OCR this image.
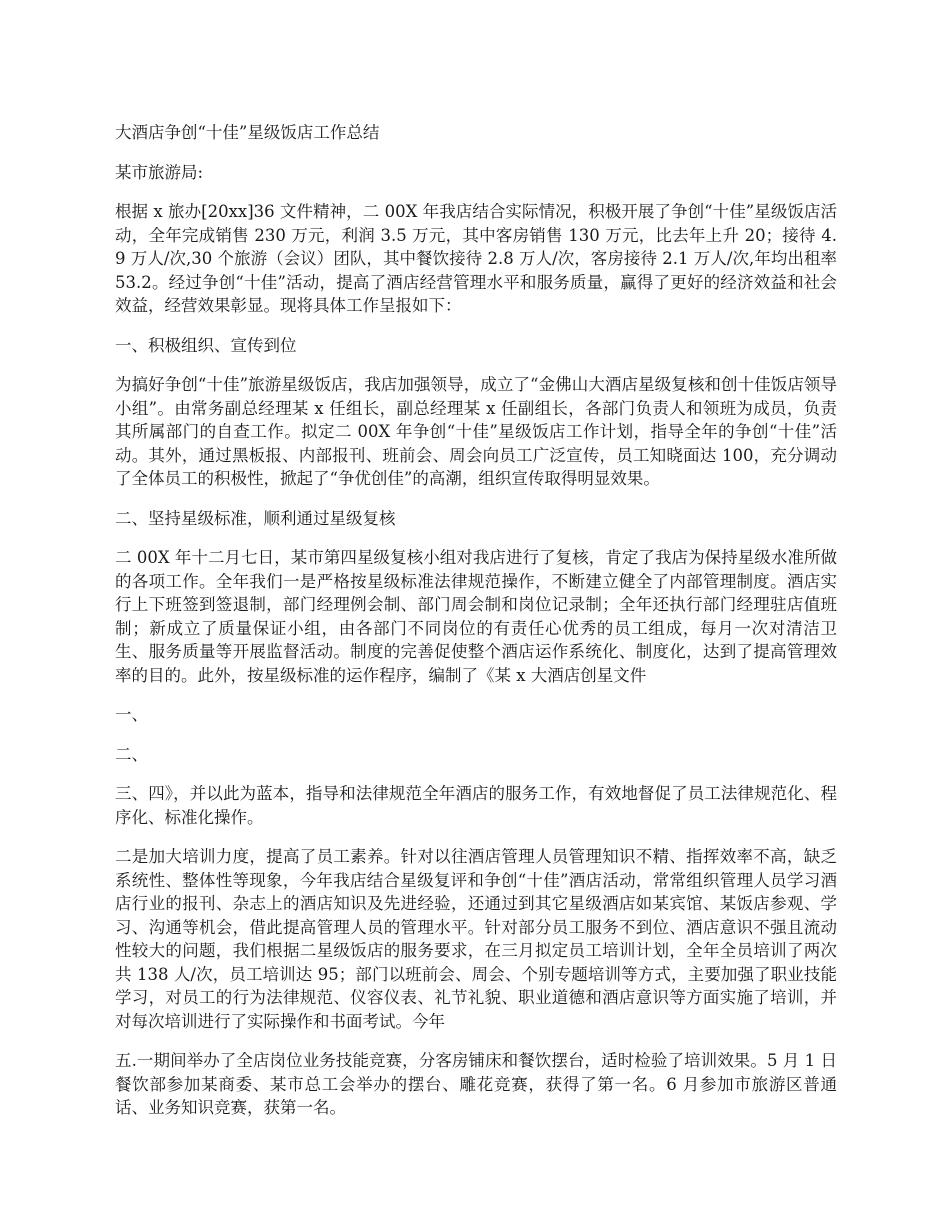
大酒店争创“十佳”星级饭店工作总结

某市旅游局:

根据 x 旅办[20xx]36 文件精神，二 00X 年我店结合实际情况，积极开展了争创“十佳”星级饭店活动，全年完成销售 230 万元，利润 3.5 万元，其中客房销售 130 万元，比去年上升 20；接待 4.9 万人/次,30 个旅游（会议）团队，其中餐饮接待 2.8 万人/次，客房接待 2.1 万人/次,年均出租率 53.2。经过争创“十佳”活动，提高了酒店经营管理水平和服务质量，赢得了更好的经济效益和社会效益，经营效果彰显。现将具体工作呈报如下：

一、积极组织、宣传到位

为搞好争创“十佳”旅游星级饭店，我店加强领导，成立了“金佛山大酒店星级复核和创十佳饭店领导小组”。由常务副总经理某 x 任组长，副总经理某 x 任副组长，各部门负责人和领班为成员，负责其所属部门的自查工作。拟定二 00X 年争创“十佳”星级饭店工作计划，指导全年的争创“十佳”活动。其外，通过黑板报、内部报刊、班前会、周会向员工广泛宣传，员工知晓面达 100，充分调动了全体员工的积极性，掀起了“争优创佳”的高潮，组织宣传取得明显效果。

二、坚持星级标准，顺利通过星级复核

二 00X 年十二月七日，某市第四星级复核小组对我店进行了复核，肯定了我店为保持星级水准所做的各项工作。全年我们一是严格按星级标准法律规范操作，不断建立健全了内部管理制度。酒店实行上下班签到签退制，部门经理例会制、部门周会制和岗位记录制；全年还执行部门经理驻店值班制；新成立了质量保证小组，由各部门不同岗位的有责任心优秀的员工组成，每月一次对清洁卫生、服务质量等开展监督活动。制度的完善促使整个酒店运作系统化、制度化，达到了提高管理效率的目的。此外，按星级标准的运作程序，编制了《某 x 大酒店创星文件

一、

二、

三、四》，并以此为蓝本，指导和法律规范全年酒店的服务工作，有效地督促了员工法律规范化、程序化、标准化操作。

二是加大培训力度，提高了员工素养。针对以往酒店管理人员管理知识不精、指挥效率不高，缺乏系统性、整体性等现象，今年我店结合星级复评和争创“十佳”酒店活动，常常组织管理人员学习酒店行业的报刊、杂志上的酒店知识及先进经验，还通过到其它星级酒店如某宾馆、某饭店参观、学习、沟通等机会，借此提高管理人员的管理水平。针对部分员工服务不到位、酒店意识不强且流动性较大的问题，我们根据二星级饭店的服务要求，在三月拟定员工培训计划，全年全员培训了两次共 138 人/次，员工培训达 95；部门以班前会、周会、个别专题培训等方式，主要加强了职业技能学习，对员工的行为法律规范、仪容仪表、礼节礼貌、职业道德和酒店意识等方面实施了培训，并对每次培训进行了实际操作和书面考试。今年

五.一期间举办了全店岗位业务技能竞赛，分客房铺床和餐饮摆台，适时检验了培训效果。5 月 1 日餐饮部参加某商委、某市总工会举办的摆台、雕花竞赛，获得了第一名。6 月参加市旅游区普通话、业务知识竞赛，获第一名。
